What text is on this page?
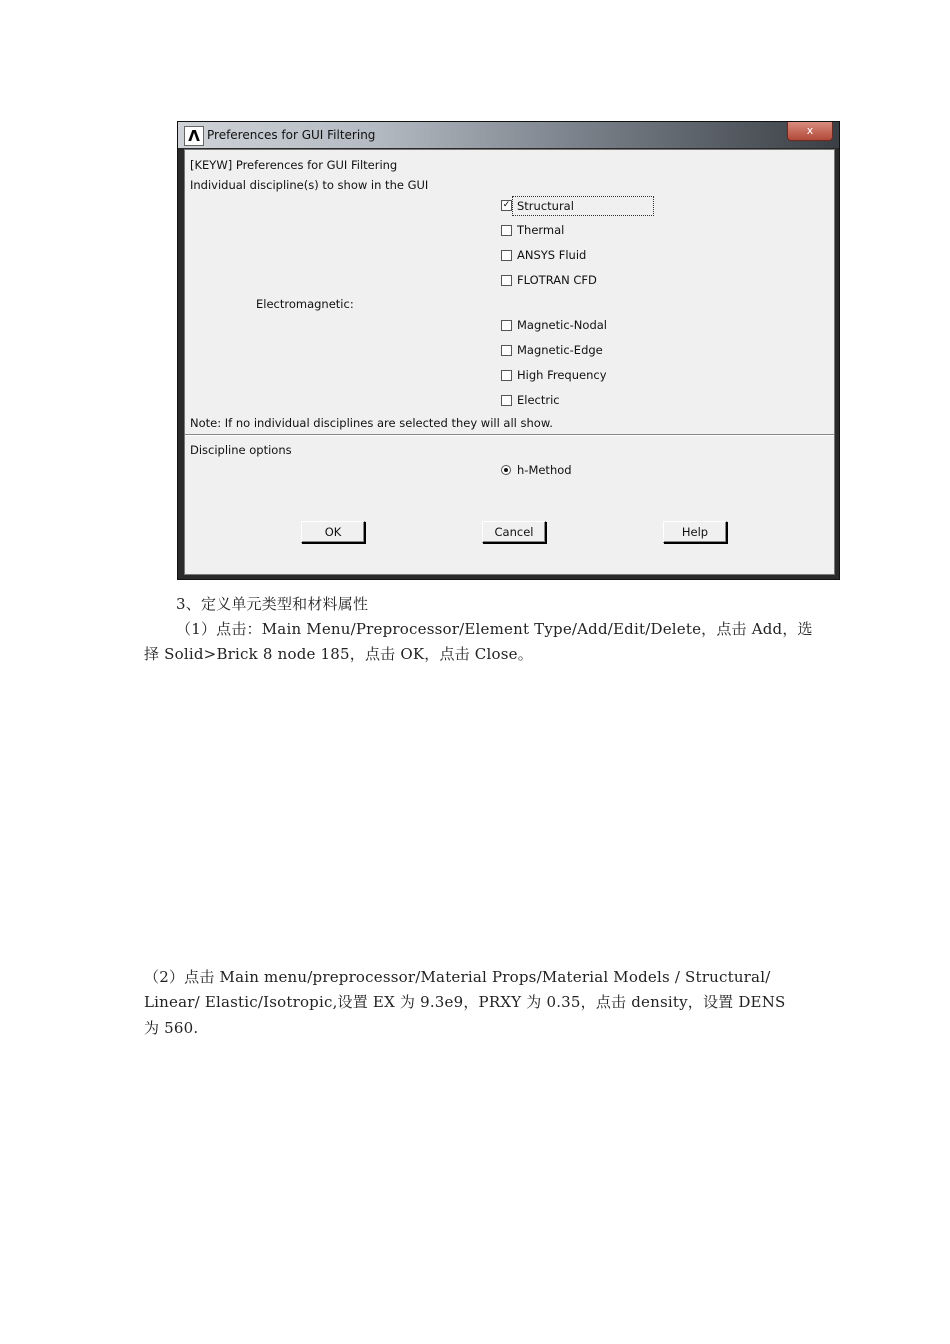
Λ Preferences for GUI Filtering	x
[KEYW] Preferences for GUI Filtering
Individual discipline(s) to show in the GUI
✓ Structural
Thermal
ANSYS Fluid
FLOTRAN CFD
Electromagnetic:
Magnetic-Nodal
Magnetic-Edge
High Frequency
Electric
Note: If no individual disciplines are selected they will all show.
Discipline options
h-Method
OK	Cancel	Help
3、定义单元类型和材料属性
（1）点击：Main Menu/Preprocessor/Element Type/Add/Edit/Delete，点击 Add，选
择 Solid>Brick 8 node 185，点击 OK，点击 Close。
（2）点击 Main menu/preprocessor/Material Props/Material Models / Structural/
Linear/ Elastic/Isotropic,设置 EX 为 9.3e9，PRXY 为 0.35，点击 density，设置 DENS
为 560.
